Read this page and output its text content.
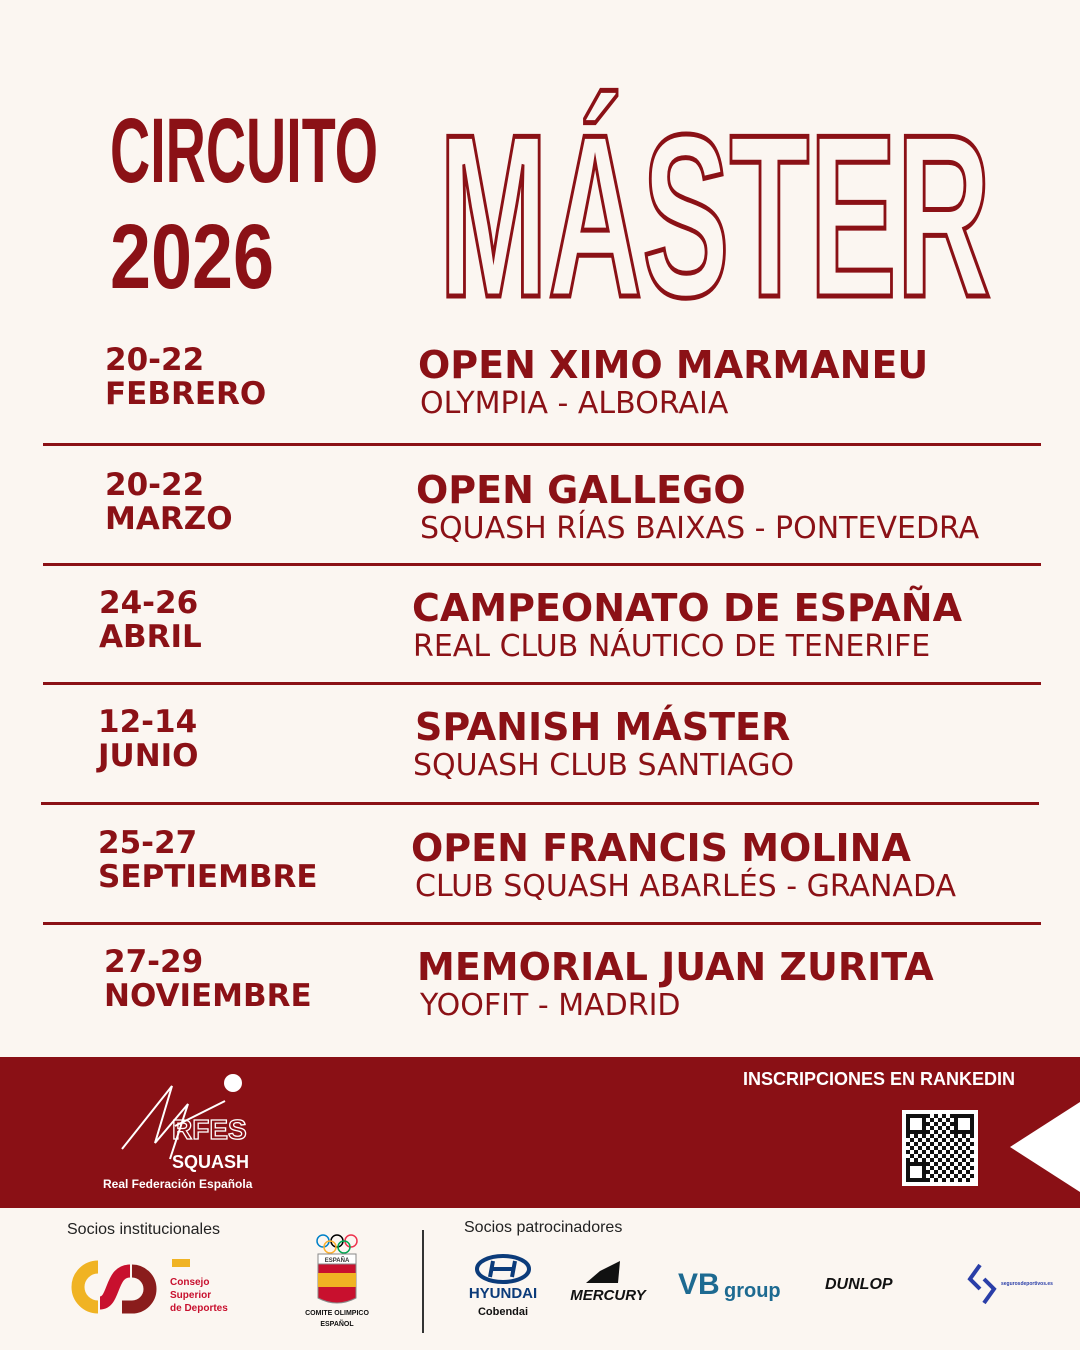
CIRCUITO
2026 MÁSTER
20-22
FEBRERO
OPEN XIMO MARMANEU
OLYMPIA - ALBORAIA
20-22
MARZO
OPEN GALLEGO
SQUASH RÍAS BAIXAS - PONTEVEDRA
24-26
ABRIL
CAMPEONATO DE ESPAÑA
REAL CLUB NÁUTICO DE TENERIFE
12-14
JUNIO
SPANISH MÁSTER
SQUASH CLUB SANTIAGO
25-27
SEPTIEMBRE
OPEN FRANCIS MOLINA
CLUB SQUASH ABARLÉS - GRANADA
27-29
NOVIEMBRE
MEMORIAL JUAN ZURITA
YOOFIT - MADRID
RFES
SQUASH
Real Federación Española
INSCRIPCIONES EN RANKEDIN
Socios institucionales
Consejo
Superior
de Deportes
ESPAÑA
COMITE OLIMPICO
ESPAÑOL
Socios patrocinadores
HYUNDAI
Cobendai
MERCURY VB group	DUNLOP	segurosdeportivos.es
